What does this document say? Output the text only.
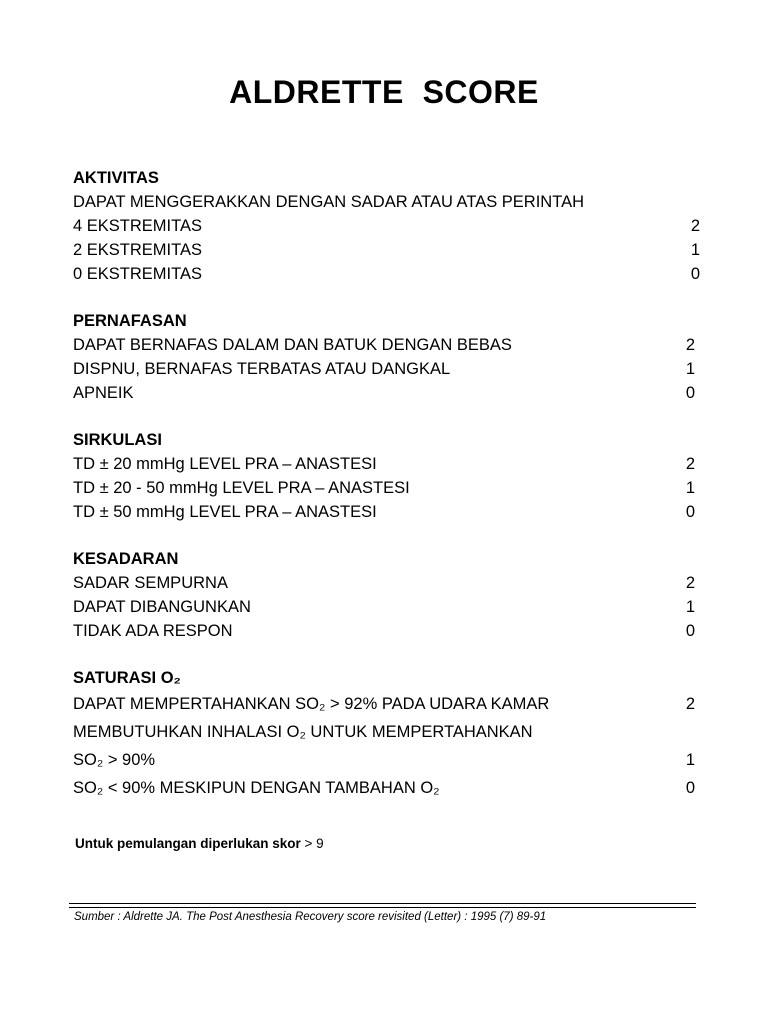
ALDRETTE  SCORE
AKTIVITAS
DAPAT MENGGERAKKAN DENGAN SADAR ATAU ATAS PERINTAH
4 EKSTREMITAS	2
2 EKSTREMITAS	1
0 EKSTREMITAS	0
PERNAFASAN
DAPAT BERNAFAS DALAM DAN BATUK DENGAN BEBAS	2
DISPNU, BERNAFAS TERBATAS ATAU DANGKAL	1
APNEIK	0
SIRKULASI
TD ± 20 mmHg LEVEL PRA – ANASTESI	2
TD ± 20 - 50 mmHg LEVEL PRA – ANASTESI	1
TD ± 50 mmHg LEVEL PRA – ANASTESI	0
KESADARAN
SADAR SEMPURNA	2
DAPAT DIBANGUNKAN	1
TIDAK ADA RESPON	0
SATURASI O₂
DAPAT MEMPERTAHANKAN SO₂ > 92% PADA UDARA KAMAR	2
MEMBUTUHKAN INHALASI O₂ UNTUK MEMPERTAHANKAN
SO₂ > 90%	1
SO₂ < 90% MESKIPUN DENGAN TAMBAHAN O₂	0
Untuk pemulangan diperlukan skor > 9
Sumber : Aldrette JA. The Post Anesthesia Recovery score revisited (Letter) : 1995 (7) 89-91
